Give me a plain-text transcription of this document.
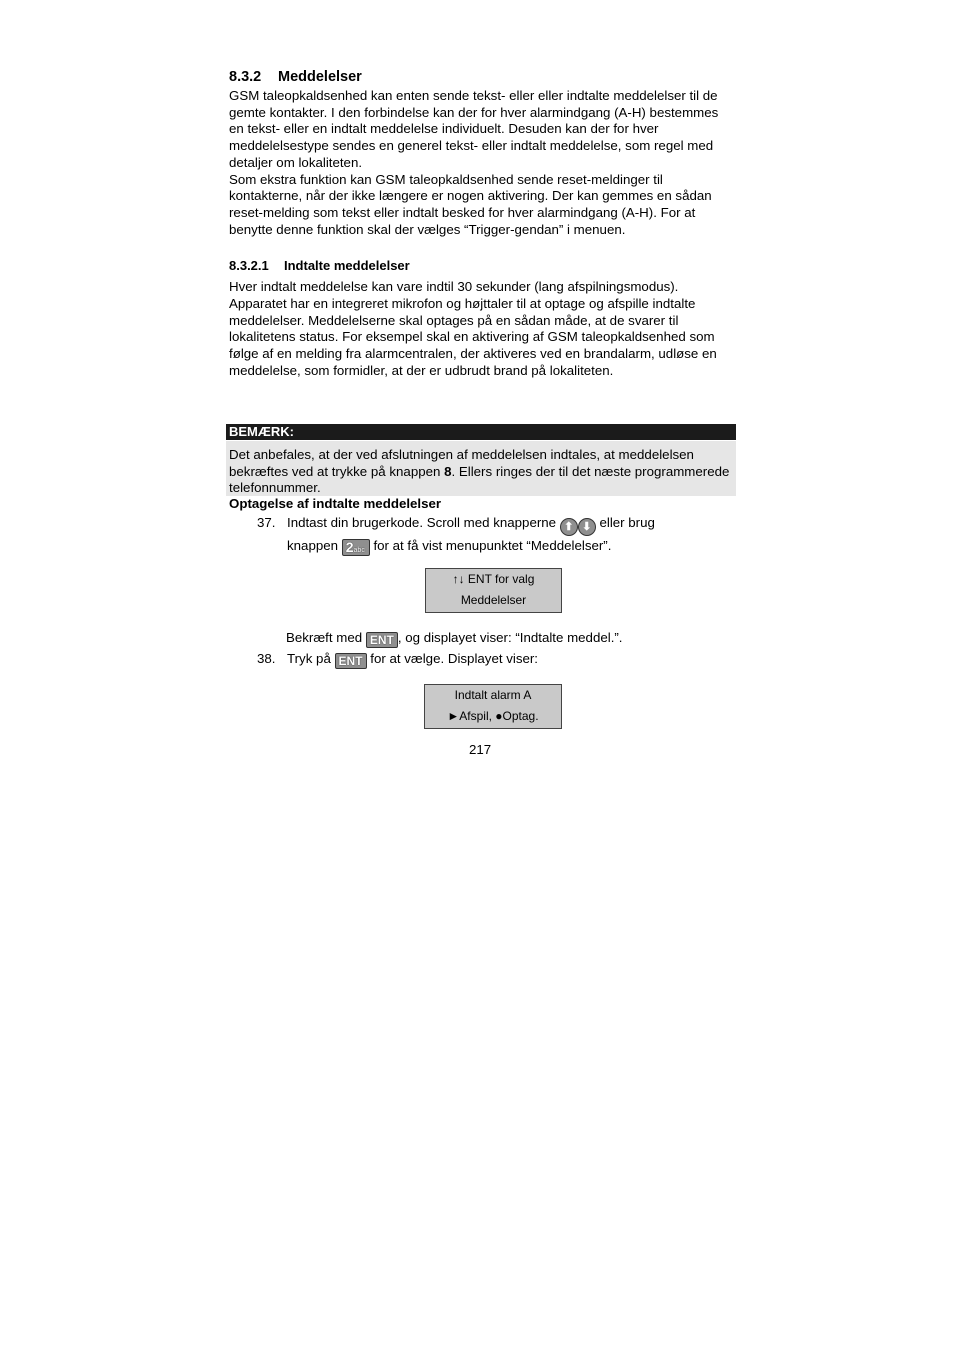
8.3.2 Meddelelser

GSM taleopkaldsenhed kan enten sende tekst- eller eller indtalte meddelelser til de gemte kontakter. I den forbindelse kan der for hver alarmindgang (A-H) bestemmes en tekst- eller en indtalt meddelelse individuelt. Desuden kan der for hver meddelelsestype sendes en generel tekst- eller indtalt meddelelse, som regel med detaljer om lokaliteten.

Som ekstra funktion kan GSM taleopkaldsenhed sende reset-meldinger til kontakterne, når der ikke længere er nogen aktivering. Der kan gemmes en sådan reset-melding som tekst eller indtalt besked for hver alarmindgang (A-H). For at benytte denne funktion skal der vælges “Trigger-gendan” i menuen.

8.3.2.1 Indtalte meddelelser

Hver indtalt meddelelse kan vare indtil 30 sekunder (lang afspilningsmodus). Apparatet har en integreret mikrofon og højttaler til at optage og afspille indtalte meddelelser. Meddelelserne skal optages på en sådan måde, at de svarer til lokalitetens status. For eksempel skal en aktivering af GSM taleopkaldsenhed som følge af en melding fra alarmcentralen, der aktiveres ved en brandalarm, udløse en meddelelse, som formidler, at der er udbrudt brand på lokaliteten.

BEMÆRK:
Det anbefales, at der ved afslutningen af meddelelsen indtales, at meddelelsen bekræftes ved at trykke på knappen 8. Ellers ringes der til det næste programmerede telefonnummer.
Optagelse af indtalte meddelelser
37. Indtast din brugerkode. Scroll med knapperne ⬆ ⬇ eller brug
knappen 2abc for at få vist menupunktet “Meddelelser”.
↑↓ ENT for valg
Meddelelser
Bekræft med ENT , og displayet viser: “Indtalte meddel.”.
38. Tryk på ENT for at vælge. Displayet viser:
Indtalt alarm A
►Afspil, ●Optag.
217
